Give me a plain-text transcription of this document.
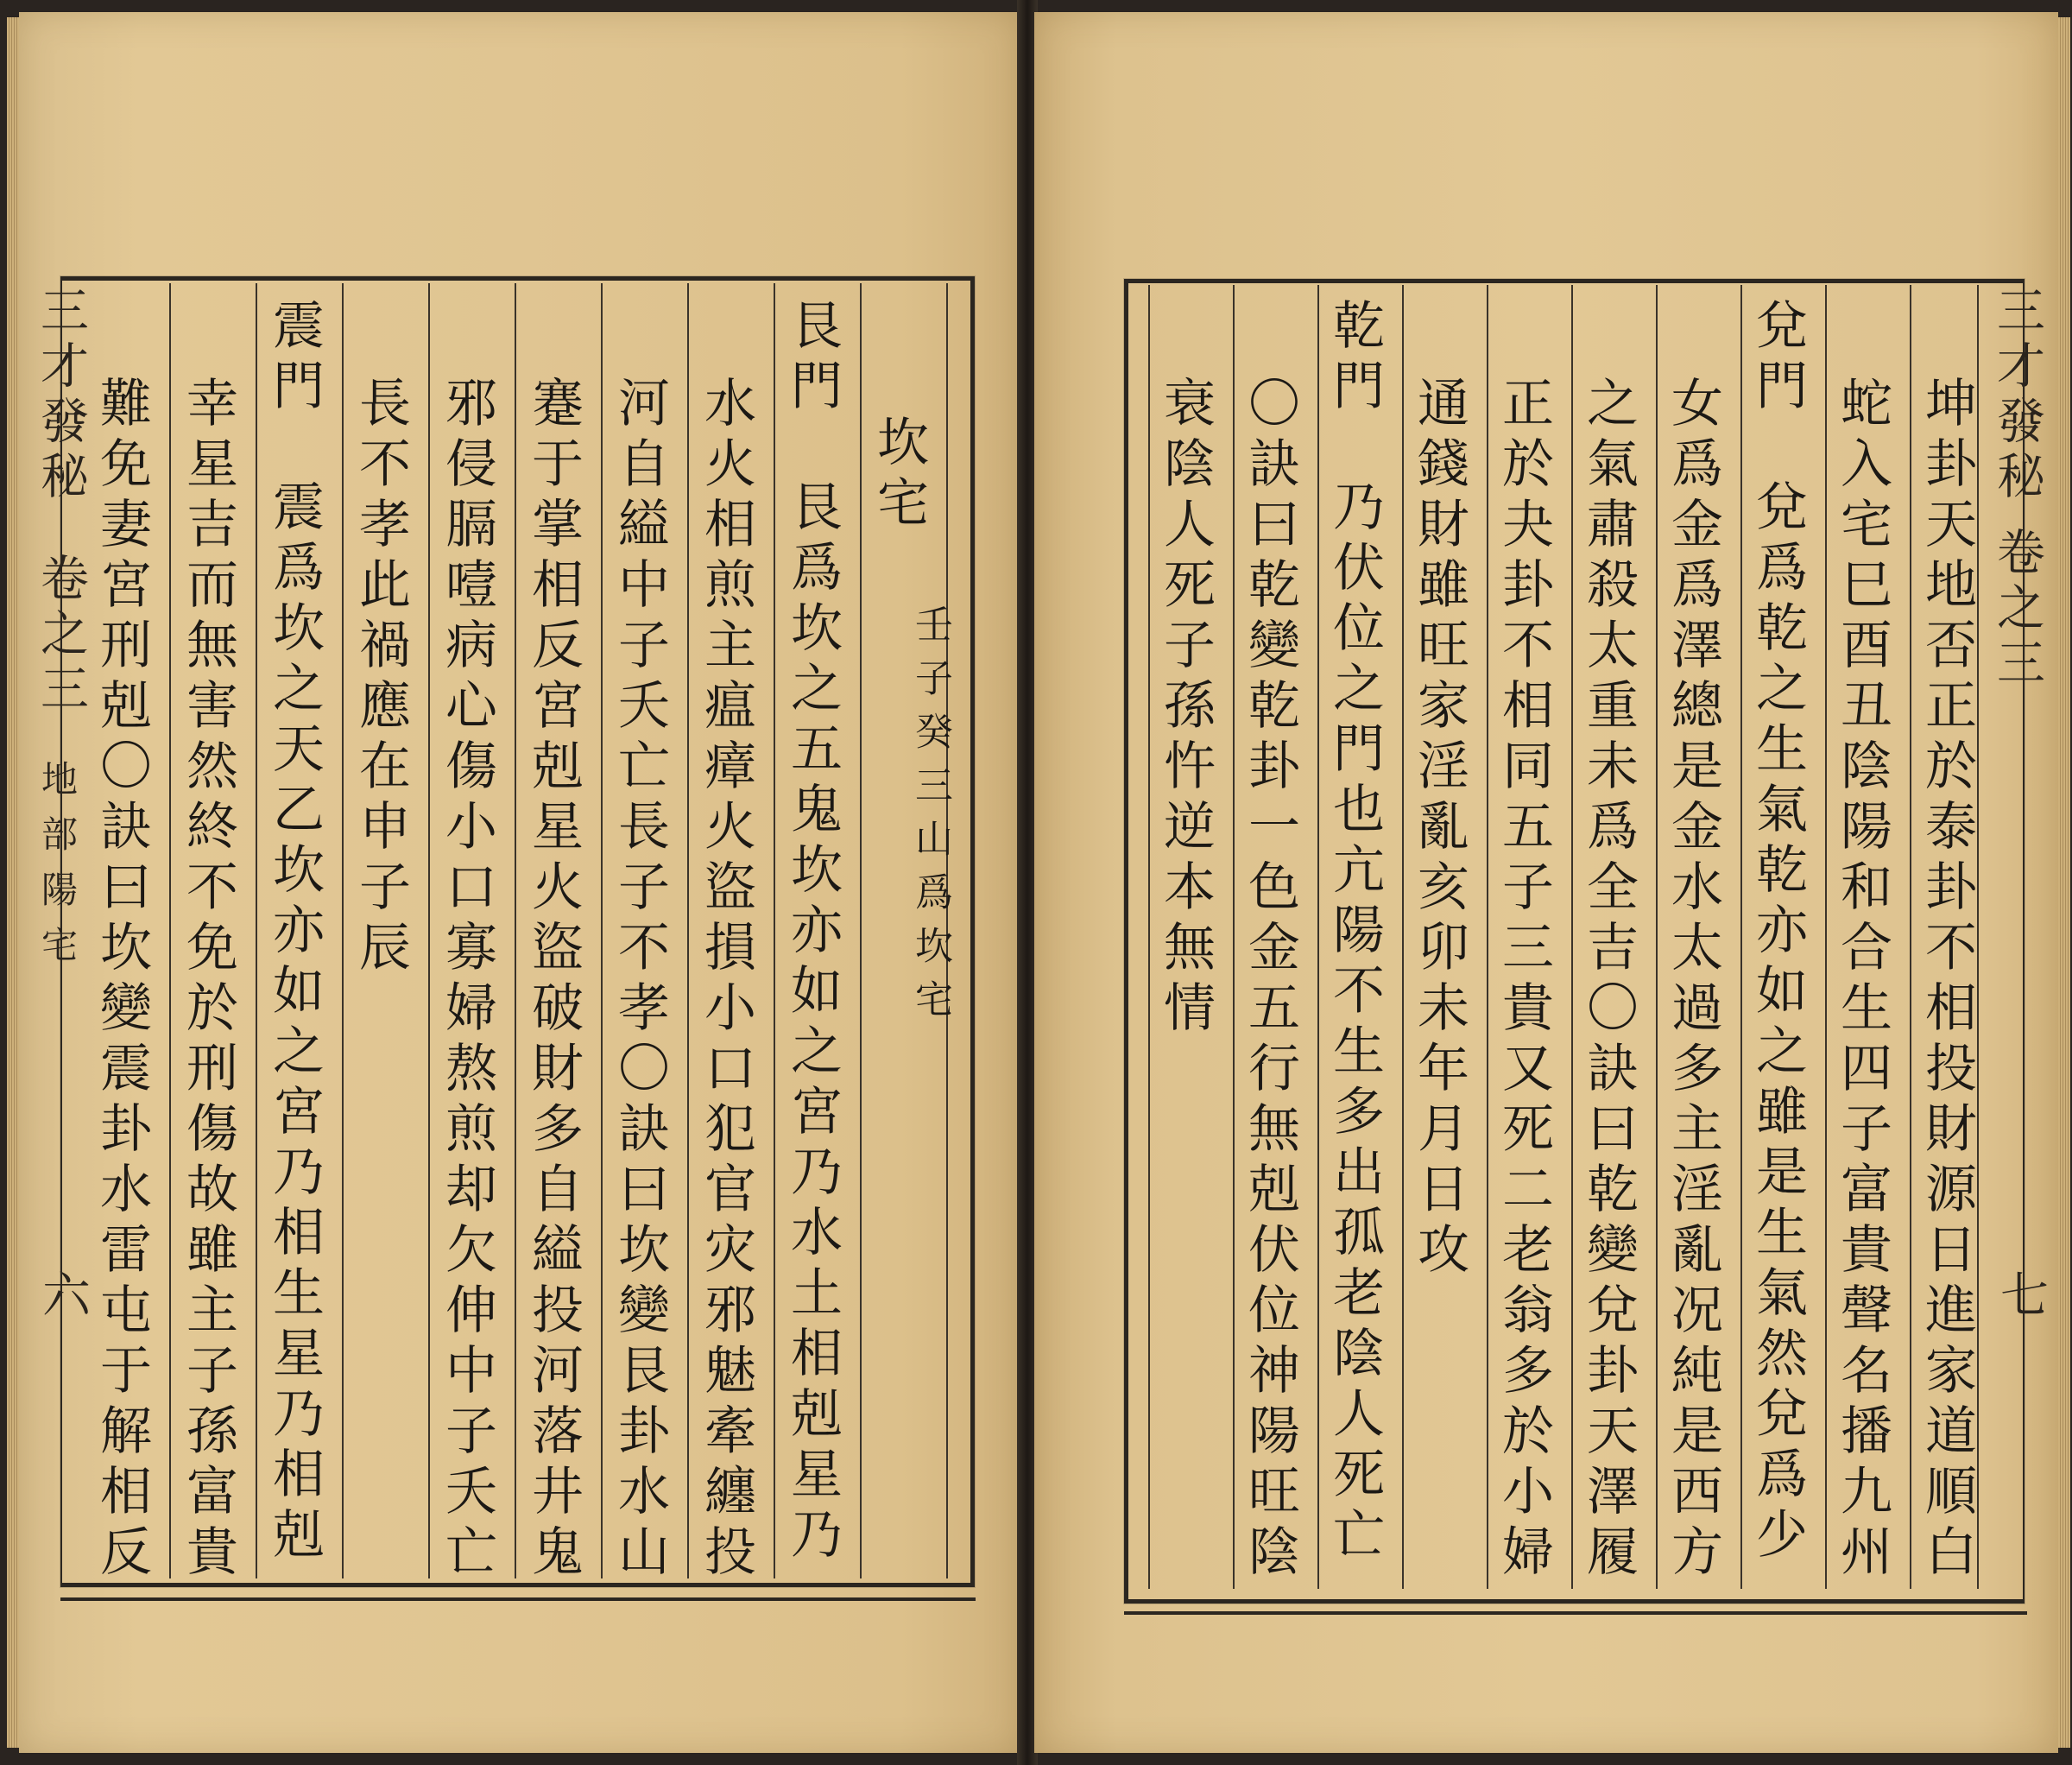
三才發秘
卷之三
地部陽宅
六
坎宅
壬子癸三山爲坎宅
艮門　艮爲坎之五鬼坎亦如之宮乃水土相剋星乃
水火相煎主瘟瘴火盜損小口犯官灾邪魅牽纏投
河自縊中子夭亡長子不孝〇訣曰坎變艮卦水山
蹇于掌相反宮剋星火盜破財多自縊投河落井鬼
邪侵膈噎病心傷小口寡婦熬煎却欠伸中子夭亡
長不孝此禍應在申子辰
震門　震爲坎之天乙坎亦如之宮乃相生星乃相剋
幸星吉而無害然終不免於刑傷故雖主子孫富貴
難免妻宮刑剋〇訣曰坎變震卦水雷屯于解相反	三才發秘
卷之三
七
坤卦天地否正於泰卦不相投財源日進家道順白
蛇入宅巳酉丑陰陽和合生四子富貴聲名播九州
兌門　兌爲乾之生氣乾亦如之雖是生氣然兌爲少
女爲金爲澤總是金水太過多主淫亂况純是西方
之氣肅殺太重未爲全吉〇訣曰乾變兌卦天澤履
正於夬卦不相同五子三貴又死二老翁多於小婦
通錢財雖旺家淫亂亥卯未年月日攻
乾門　乃伏位之門也亢陽不生多出孤老陰人死亡
〇訣曰乾變乾卦一色金五行無剋伏位神陽旺陰
衰陰人死子孫忤逆本無情
